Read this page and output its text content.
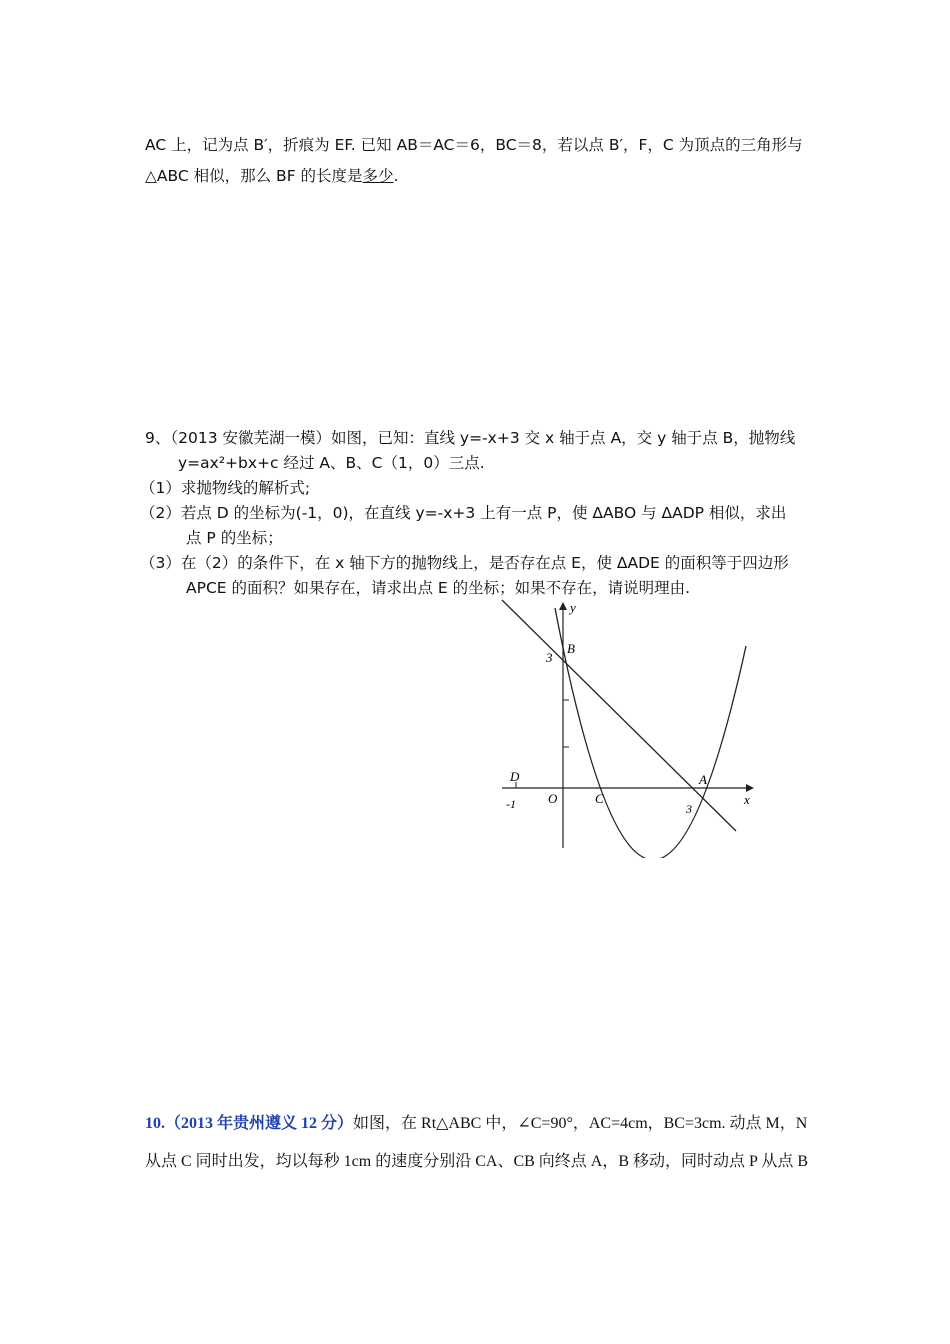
AC 上，记为点 B′，折痕为 EF. 已知 AB＝AC＝6，BC＝8，若以点 B′，F，C 为顶点的三角形与
△ABC 相似，那么 BF 的长度是多少.
9、（2013 安徽芜湖一模）如图，已知：直线 y=-x+3 交 x 轴于点 A，交 y 轴于点 B，抛物线
y=ax²+bx+c 经过 A、B、C（1，0）三点.
（1）求抛物线的解析式;
（2）若点 D 的坐标为(-1，0)，在直线 y=-x+3 上有一点 P，使 ΔABO 与 ΔADP 相似，求出
点 P 的坐标；
（3）在（2）的条件下，在 x 轴下方的抛物线上，是否存在点 E，使 ΔADE 的面积等于四边形
APCE 的面积？如果存在，请求出点 E 的坐标；如果不存在，请说明理由.
y
B
3
D
-1 O	C
A
3
x
10.（2013 年贵州遵义 12 分）如图，在 Rt△ABC 中，∠C=90°，AC=4cm，BC=3cm. 动点 M，N
从点 C 同时出发，均以每秒 1cm 的速度分别沿 CA、CB 向终点 A，B 移动，同时动点 P 从点 B
